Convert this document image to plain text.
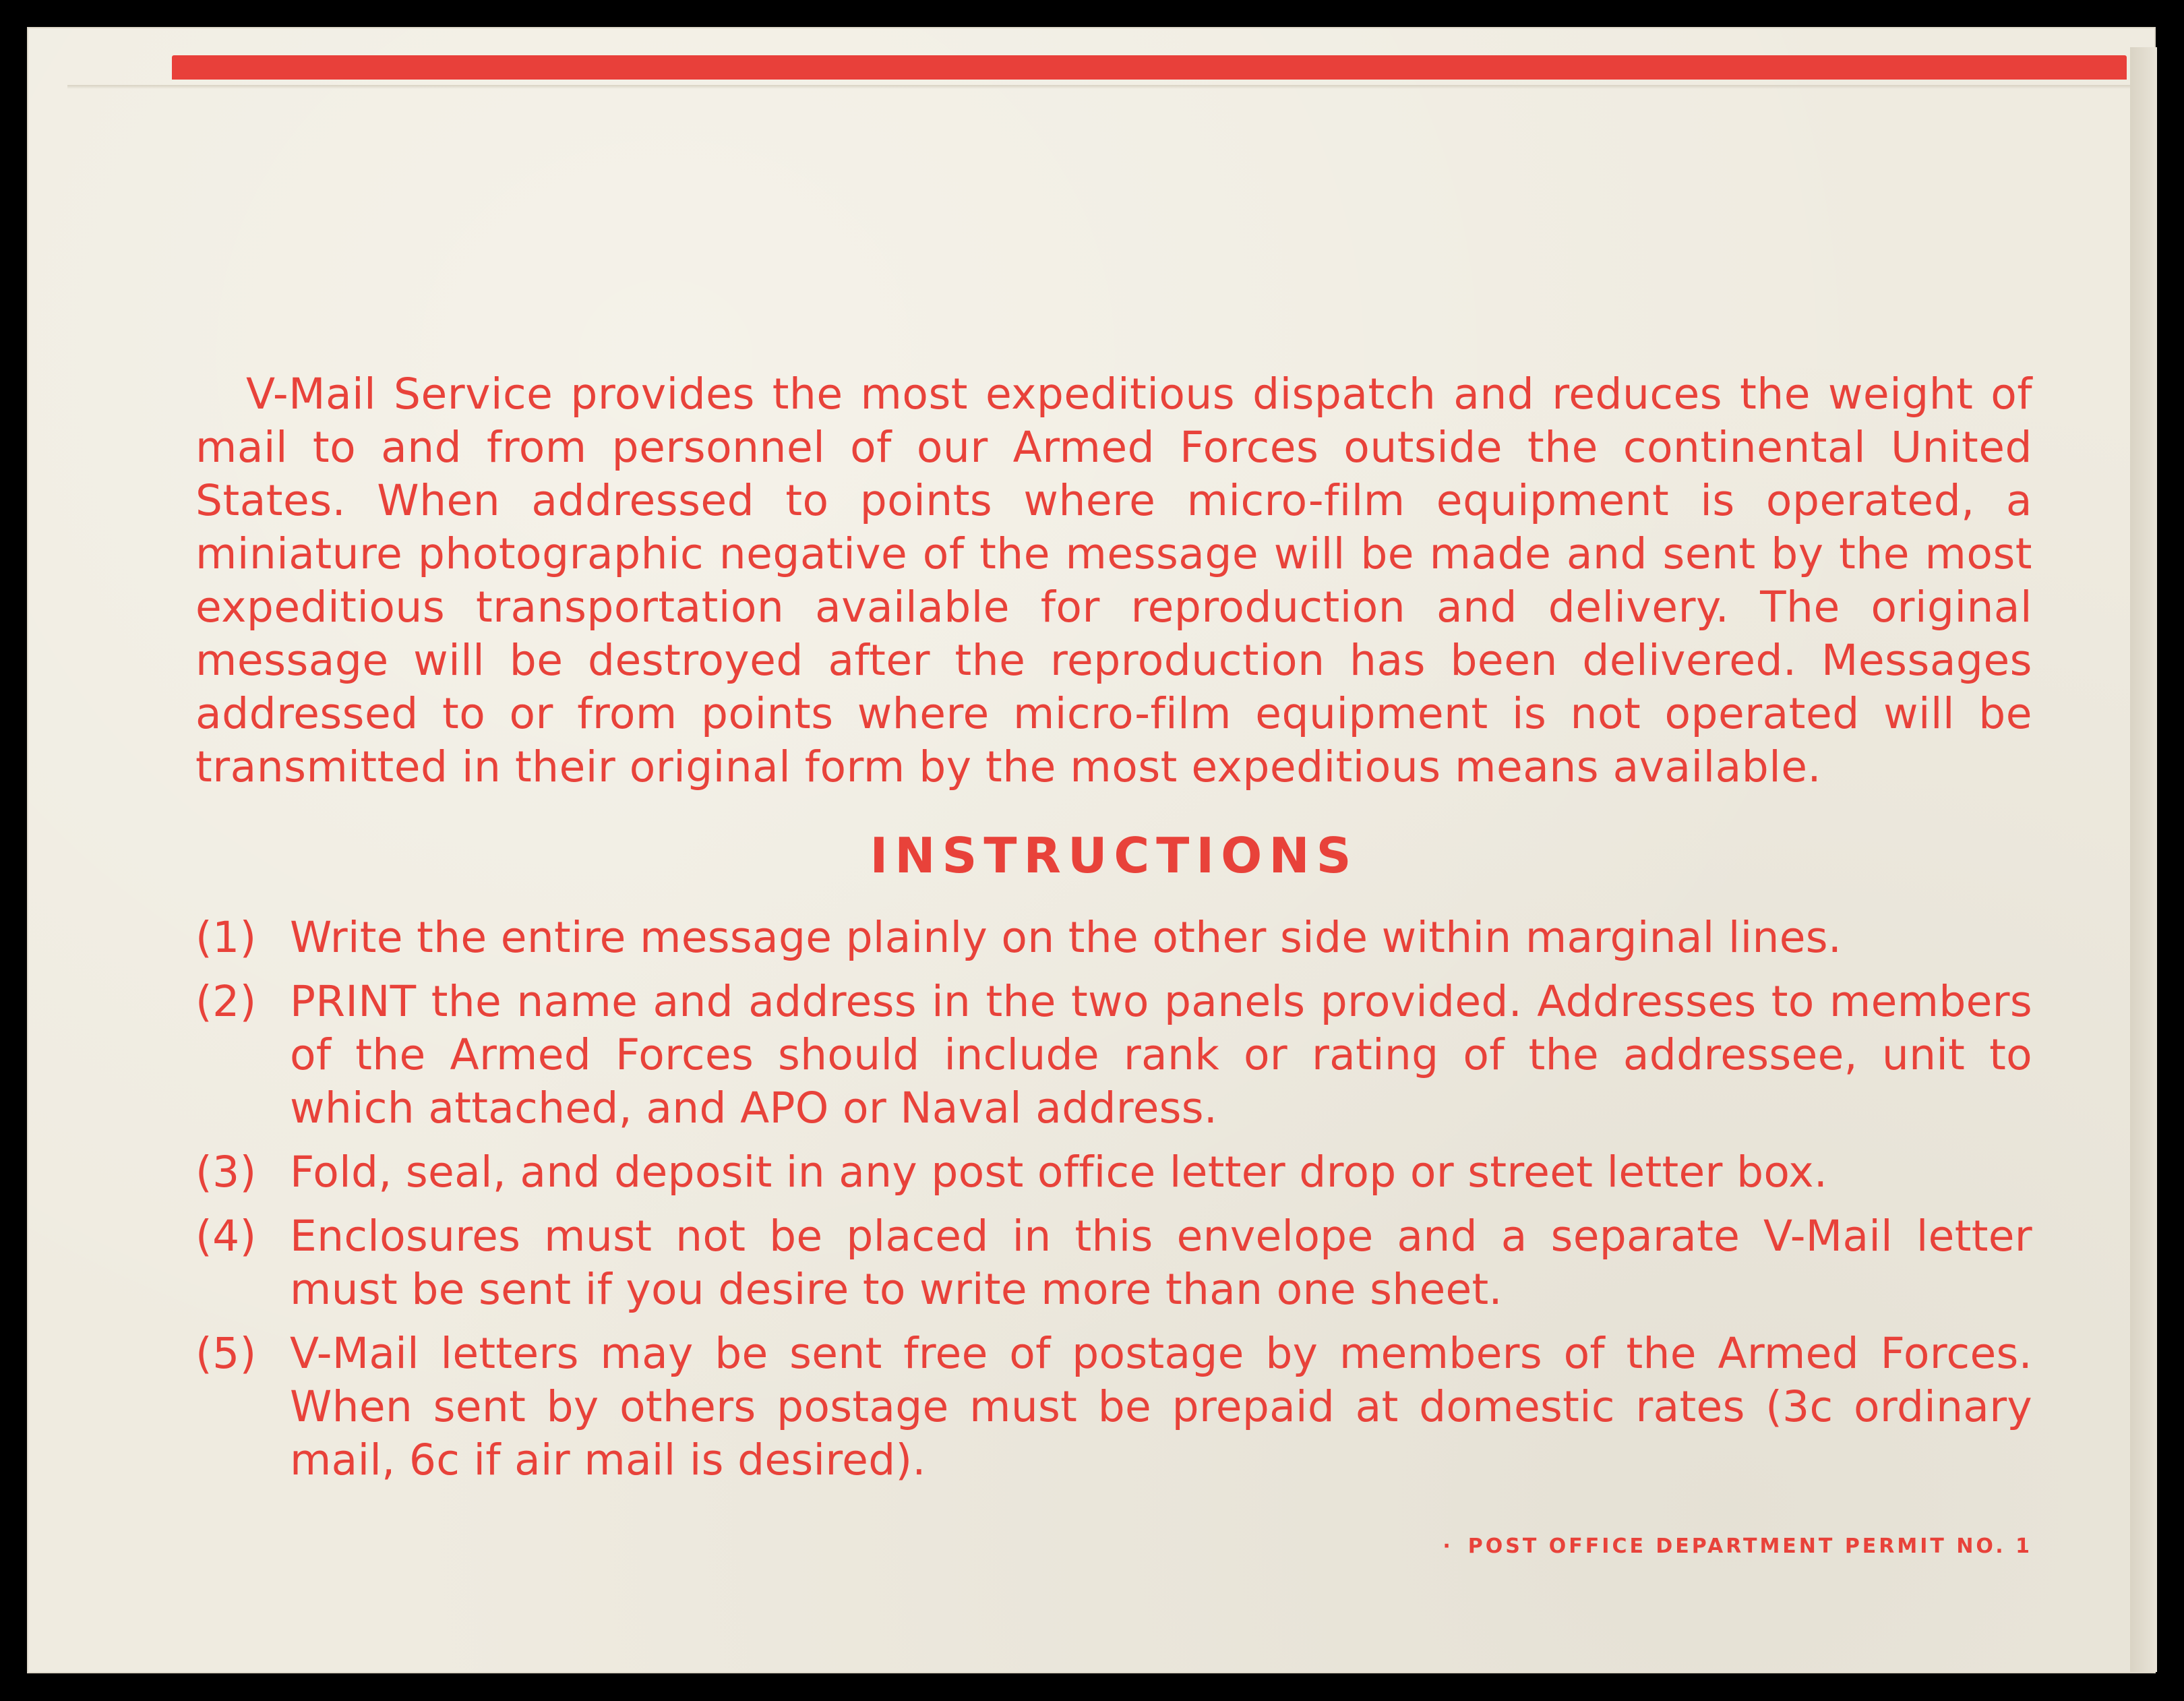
V-Mail Service provides the most expeditious dispatch and reduces the weight of mail to and from personnel of our Armed Forces outside the continental United States. When addressed to points where micro-film equipment is operated, a miniature photographic negative of the message will be made and sent by the most expeditious transportation available for reproduction and delivery. The original message will be destroyed after the reproduction has been delivered. Messages addressed to or from points where micro-film equipment is not operated will be transmitted in their original form by the most expeditious means available.

INSTRUCTIONS
(1) Write the entire message plainly on the other side within marginal lines.
(2) PRINT the name and address in the two panels provided. Addresses to members of the Armed Forces should include rank or rating of the addressee, unit to which attached, and APO or Naval address.
(3) Fold, seal, and deposit in any post office letter drop or street letter box.
(4) Enclosures must not be placed in this envelope and a separate V-Mail letter must be sent if you desire to write more than one sheet.
(5) V-Mail letters may be sent free of postage by members of the Armed Forces. When sent by others postage must be prepaid at domestic rates (3c ordinary mail, 6c if air mail is desired).
· POST OFFICE DEPARTMENT PERMIT NO. 1
